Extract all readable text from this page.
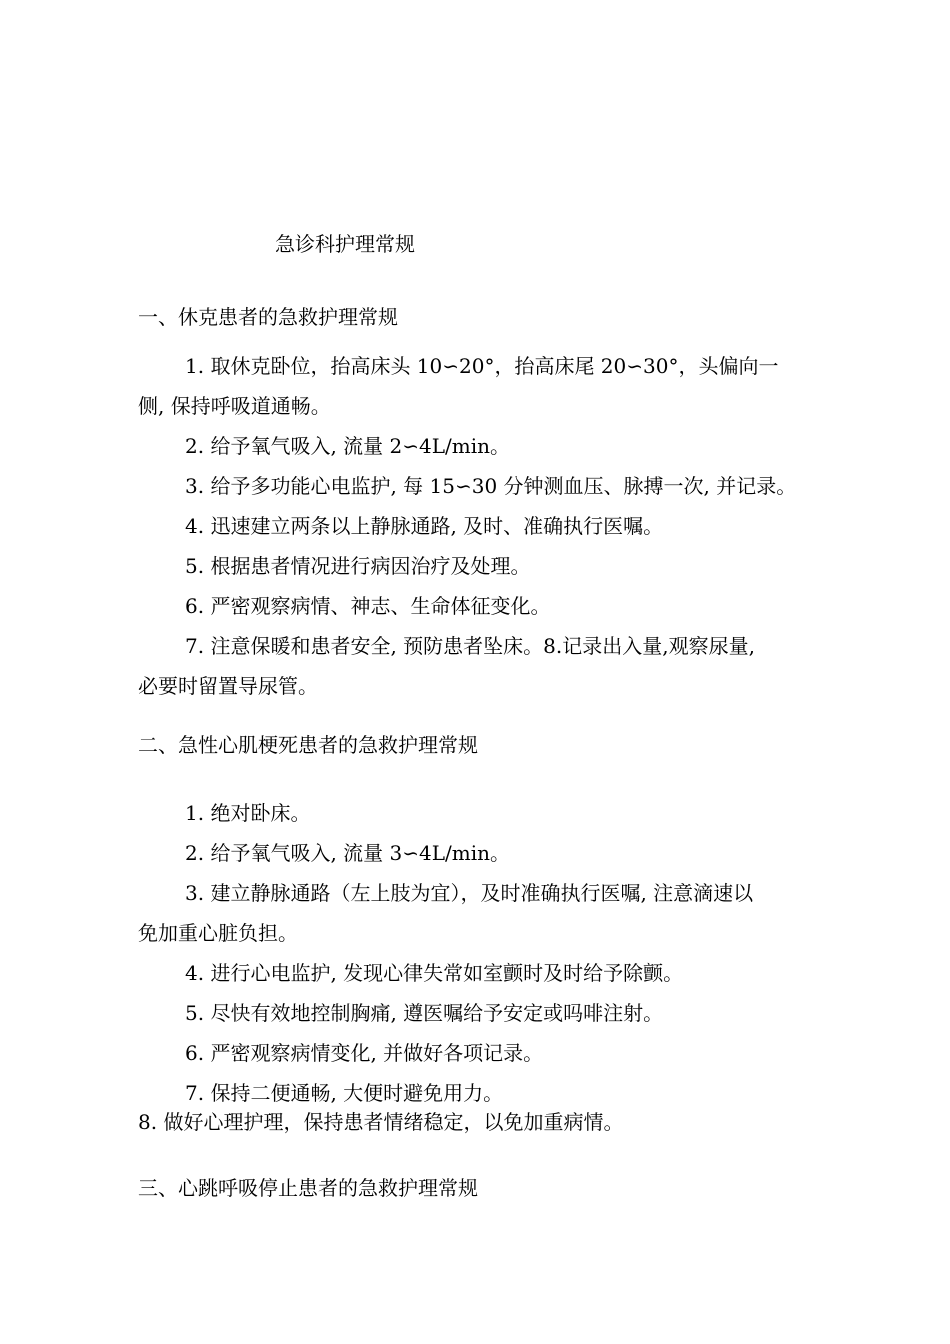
急诊科护理常规
一、休克患者的急救护理常规
1. 取休克卧位，抬高床头 10∽20°，抬高床尾 20∽30°，头偏向一
侧, 保持呼吸道通畅。
2. 给予氧气吸入, 流量 2∽4L/min。
3. 给予多功能心电监护, 每 15∽30 分钟测血压、脉搏一次, 并记录。
4. 迅速建立两条以上静脉通路, 及时、准确执行医嘱。
5. 根据患者情况进行病因治疗及处理。
6. 严密观察病情、神志、生命体征变化。
7. 注意保暖和患者安全, 预防患者坠床。8.记录出入量,观察尿量,
必要时留置导尿管。
二、急性心肌梗死患者的急救护理常规
1. 绝对卧床。
2. 给予氧气吸入, 流量 3∽4L/min。
3. 建立静脉通路（左上肢为宜），及时准确执行医嘱, 注意滴速以
免加重心脏负担。
4. 进行心电监护, 发现心律失常如室颤时及时给予除颤。
5. 尽快有效地控制胸痛, 遵医嘱给予安定或吗啡注射。
6. 严密观察病情变化, 并做好各项记录。
7. 保持二便通畅, 大便时避免用力。
8. 做好心理护理，保持患者情绪稳定，以免加重病情。
三、心跳呼吸停止患者的急救护理常规
